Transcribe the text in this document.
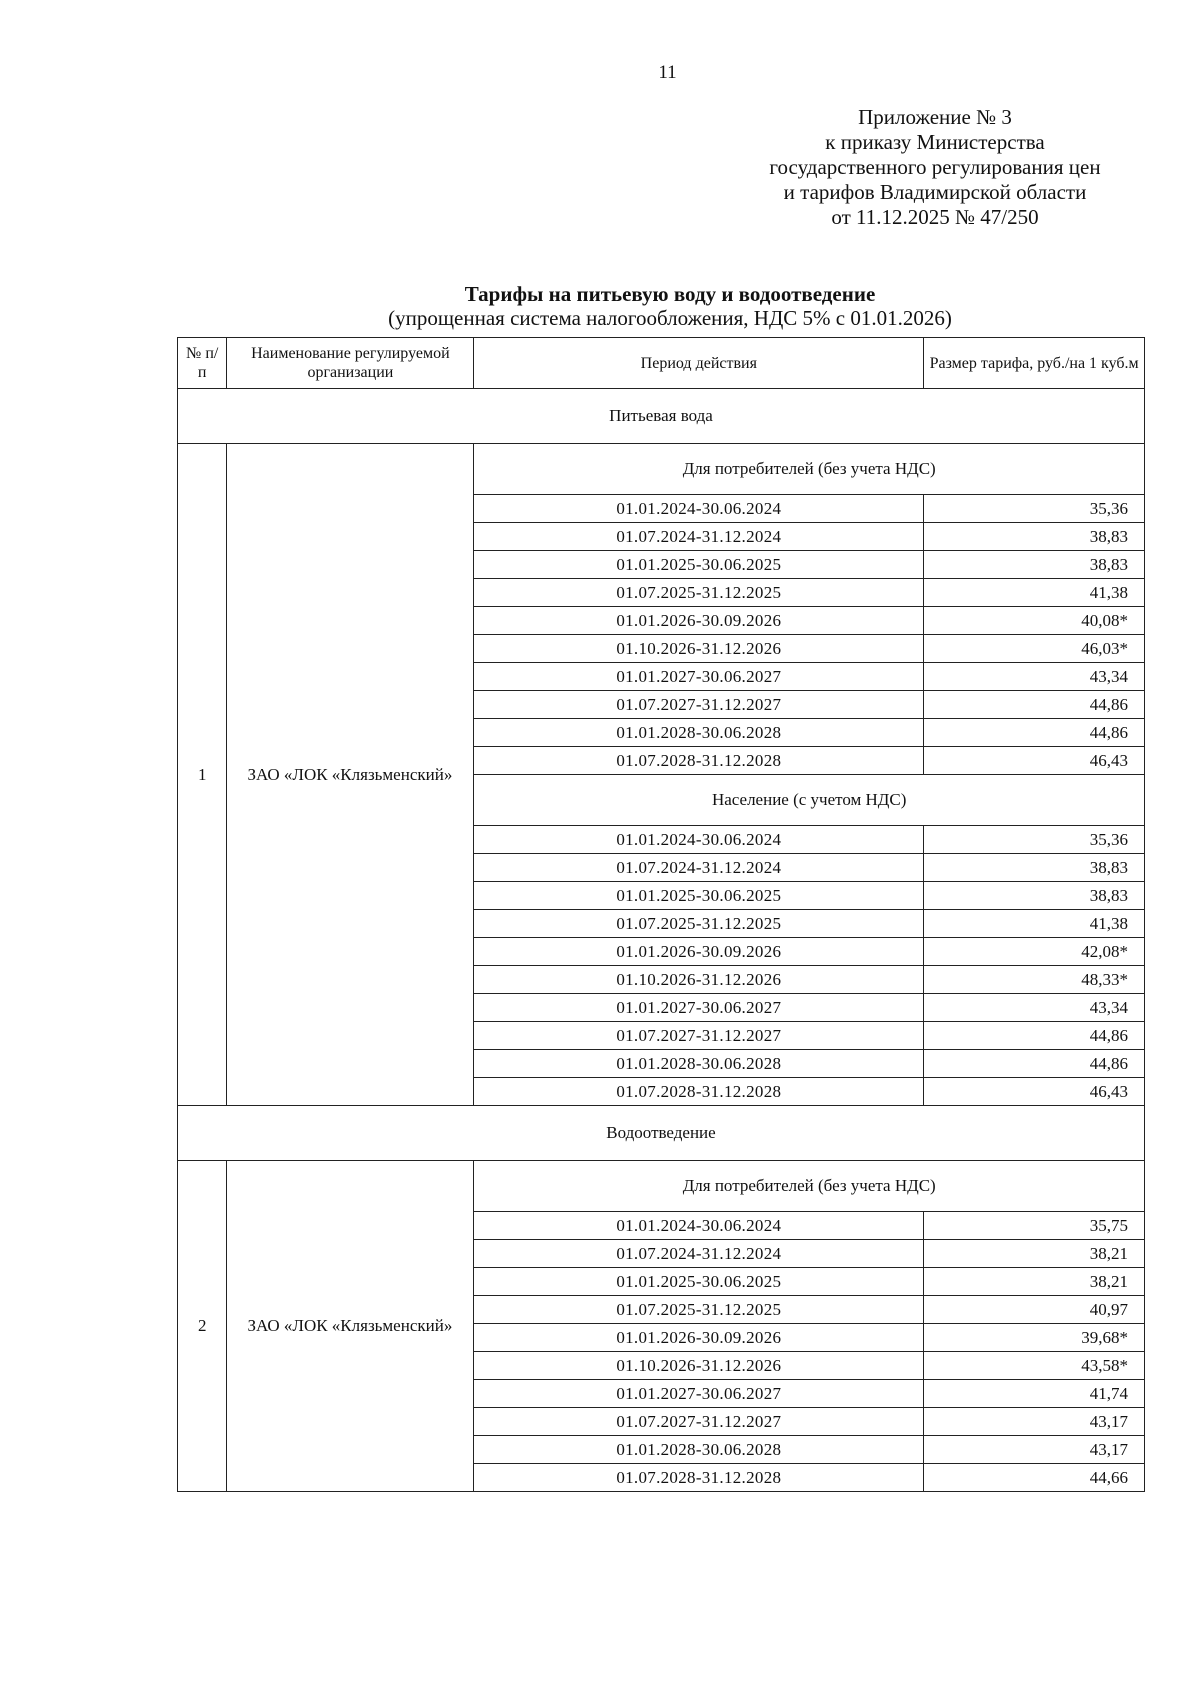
11
Приложение № 3
к приказу Министерства
государственного регулирования цен
и тарифов Владимирской области
от 11.12.2025 № 47/250
Тарифы на питьевую воду и водоотведение
(упрощенная система налогообложения, НДС 5% с 01.01.2026)
№ п/п	Наименование регулируемой организации	Период действия	Размер тарифа, руб./на 1 куб.м
Питьевая вода			
1	ЗАО «ЛОК «Клязьменский»	Для потребителей (без учета НДС)	
		01.01.2024-30.06.2024	35,36
		01.07.2024-31.12.2024	38,83
		01.01.2025-30.06.2025	38,83
		01.07.2025-31.12.2025	41,38
		01.01.2026-30.09.2026	40,08*
		01.10.2026-31.12.2026	46,03*
		01.01.2027-30.06.2027	43,34
		01.07.2027-31.12.2027	44,86
		01.01.2028-30.06.2028	44,86
		01.07.2028-31.12.2028	46,43
		Население (с учетом НДС)	
		01.01.2024-30.06.2024	35,36
		01.07.2024-31.12.2024	38,83
		01.01.2025-30.06.2025	38,83
		01.07.2025-31.12.2025	41,38
		01.01.2026-30.09.2026	42,08*
		01.10.2026-31.12.2026	48,33*
		01.01.2027-30.06.2027	43,34
		01.07.2027-31.12.2027	44,86
		01.01.2028-30.06.2028	44,86
		01.07.2028-31.12.2028	46,43
Водоотведение			
2	ЗАО «ЛОК «Клязьменский»	Для потребителей (без учета НДС)	
		01.01.2024-30.06.2024	35,75
		01.07.2024-31.12.2024	38,21
		01.01.2025-30.06.2025	38,21
		01.07.2025-31.12.2025	40,97
		01.01.2026-30.09.2026	39,68*
		01.10.2026-31.12.2026	43,58*
		01.01.2027-30.06.2027	41,74
		01.07.2027-31.12.2027	43,17
		01.01.2028-30.06.2028	43,17
		01.07.2028-31.12.2028	44,66
